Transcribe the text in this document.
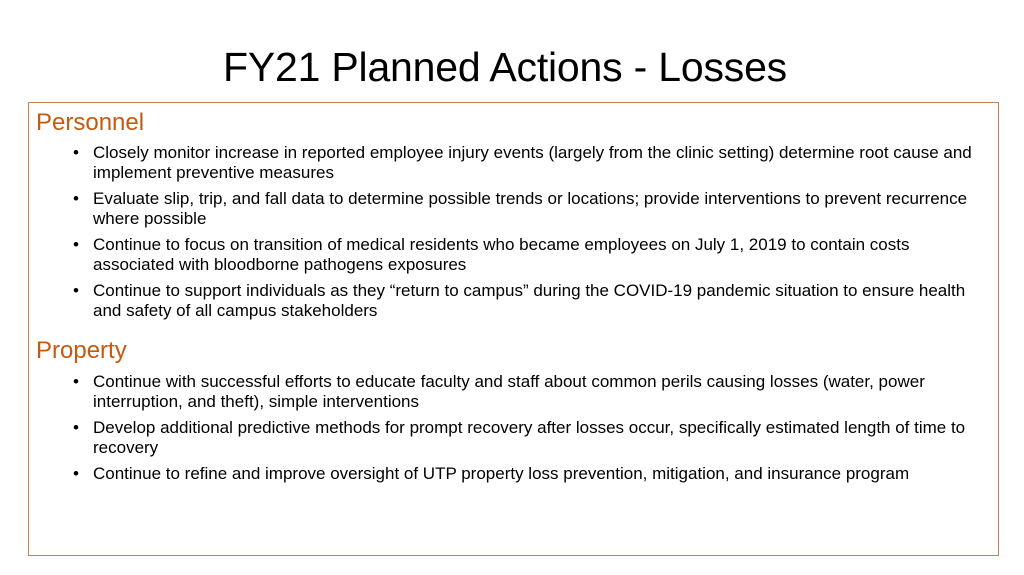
FY21 Planned Actions - Losses
Personnel
• Closely monitor increase in reported employee injury events (largely from the clinic setting) determine root cause and implement preventive measures
• Evaluate slip, trip, and fall data to determine possible trends or locations; provide interventions to prevent recurrence where possible
• Continue to focus on transition of medical residents who became employees on July 1, 2019 to contain costs associated with bloodborne pathogens exposures
• Continue to support individuals as they “return to campus” during the COVID-19 pandemic situation to ensure health and safety of all campus stakeholders
Property
• Continue with successful efforts to educate faculty and staff about common perils causing losses (water, power interruption, and theft), simple interventions
• Develop additional predictive methods for prompt recovery after losses occur, specifically estimated length of time to recovery
• Continue to refine and improve oversight of UTP property loss prevention, mitigation, and insurance program
